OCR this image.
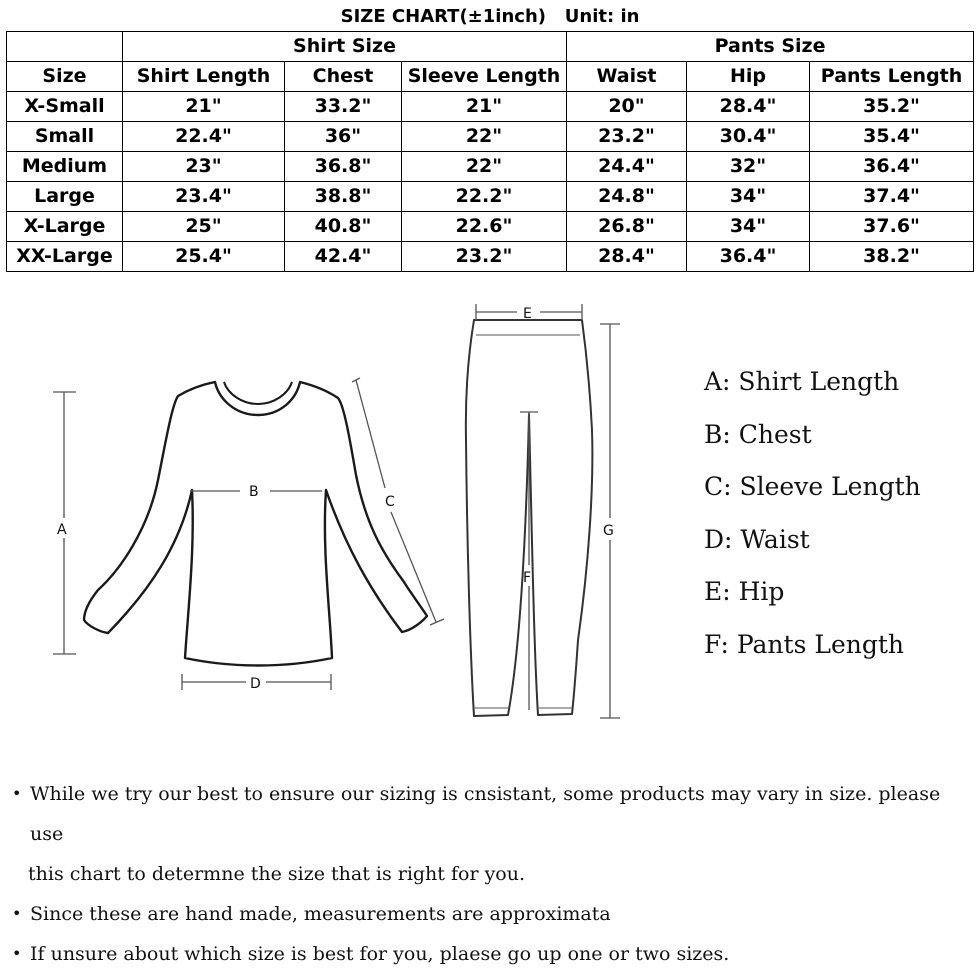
SIZE CHART(±1inch)   Unit: in						
	Shirt Size			Pants Size		
Size	Shirt Length	Chest	Sleeve Length	Waist	Hip	Pants Length
X-Small	21"	33.2"	21"	20"	28.4"	35.2"
Small	22.4"	36"	22"	23.2"	30.4"	35.4"
Medium	23"	36.8"	22"	24.4"	32"	36.4"
Large	23.4"	38.8"	22.2"	24.8"	34"	37.4"
X-Large	25"	40.8"	22.6"	26.8"	34"	37.6"
XX-Large	25.4"	42.4"	23.2"	28.4"	36.4"	38.2"
A
B
C
D
E
F
G
A: Shirt Length
B: Chest
C: Sleeve Length
D: Waist
E: Hip
F: Pants Length
• While we try our best to ensure our sizing is cnsistant, some products may vary in size. please use
this chart to determne the size that is right for you.
• Since these are hand made, measurements are approximata
• If unsure about which size is best for you, plaese go up one or two sizes.
